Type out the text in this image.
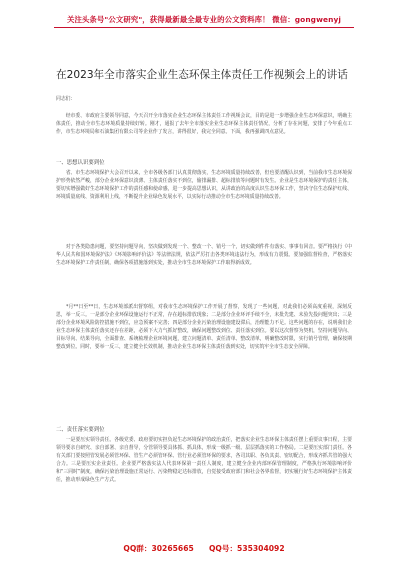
关注头条号"公文研究"，获得最新最全最专业的公文资料库！ 微信：gongwenyj
在2023年全市落实企业生态环保主体责任工作视频会上的讲话

同志们：

　　经市委、市政府主要领导同意，今天召开全市落实企业生态环保主体责任工作视频会议，目的是进一步增强企业生态环保意识，明确主体责任，推动全市生态环境质量持续好转。刚才，通报了去年全市落实企业生态环保主体责任情况，分析了存在问题，安排了今年重点工作，市生态环境局和石油集团有限公司等企业作了发言，讲得很好，我完全同意。下面，我再强调四点意见。

一、思想认识要到位

　　省、市生态环境保护大会召开以来，全市各级各部门认真贯彻落实，生态环境质量持续改善，但也要清醒认识到，当前我市生态环境保护形势依然严峻，部分企业环保意识淡薄、主体责任落实不到位，偷排漏排、超标排放等问题时有发生。企业是生态环境保护的责任主体，要切实增强做好生态环境保护工作的责任感和使命感，进一步提高思想认识，从讲政治的高度认识生态环保工作，坚决守住生态保护红线、环境质量底线、资源利用上线，不断提升企业绿色发展水平，以实际行动推动全市生态环境质量持续改善。

　　对于各类隐患问题，要坚持问题导向，坚决做到发现一个、整改一个、销号一个，切实做到件件有落实、事事有回音。要严格执行《中华人民共和国环境保护法》《环境影响评价法》等法律法规，依法严厉打击各类环境违法行为，形成有力震慑。要加强监督检查，严格落实生态环境保护工作责任制，确保各项措施落到实处，推动全市生态环境保护工作取得新成效。

　　*月**日至**日，生态环境部派出督察组，对我市生态环境保护工作开展了督察，发现了一些问题，对此我们必须高度重视，深刻反思，举一反三。一是部分企业环保设施运行不正常，存在超标排放现象；二是部分企业环评手续不全，未批先建、未验先投问题突出；三是部分企业环境风险防控措施不到位，应急预案不完善；四是部分企业污染治理设施建设滞后，治理能力不足。这些问题的存在，说明我们企业生态环保主体责任落实还存在差距，必须下大力气抓好整改，确保问题整改到位、责任落实到位。要以这次督察为契机，坚持问题导向、目标导向、结果导向，全面排查、系统梳理企业环境问题，建立问题清单、责任清单、整改清单，明确整改时限，实行销号管理，确保按期整改到位。同时，要举一反三，建立健全长效机制，推动企业生态环保主体责任落到实处，切实筑牢全市生态安全屏障。

二、责任落实要到位

　　一是要压实领导责任。各级党委、政府要切实担负起生态环境保护的政治责任，把落实企业生态环保主体责任摆上重要议事日程，主要领导要亲自研究、亲自部署、亲自督导，分管领导要具体抓、抓具体，形成一级抓一级、层层抓落实的工作格局。二是要压实部门责任。各有关部门要按照管发展必须管环保、管生产必须管环保、管行业必须管环保的要求，各司其职、各负其责、密切配合，形成齐抓共管的强大合力。三是要压实企业责任。企业要严格落实法人代表环保第一责任人制度，建立健全企业内部环保管理制度，严格执行环境影响评价和“三同时”制度，确保污染治理设施正常运行、污染物稳定达标排放，自觉接受政府部门和社会各界监督，切实履行好生态环境保护主体责任，推动形成绿色生产方式。

QQ群：30265665　　QQ号：535304092
